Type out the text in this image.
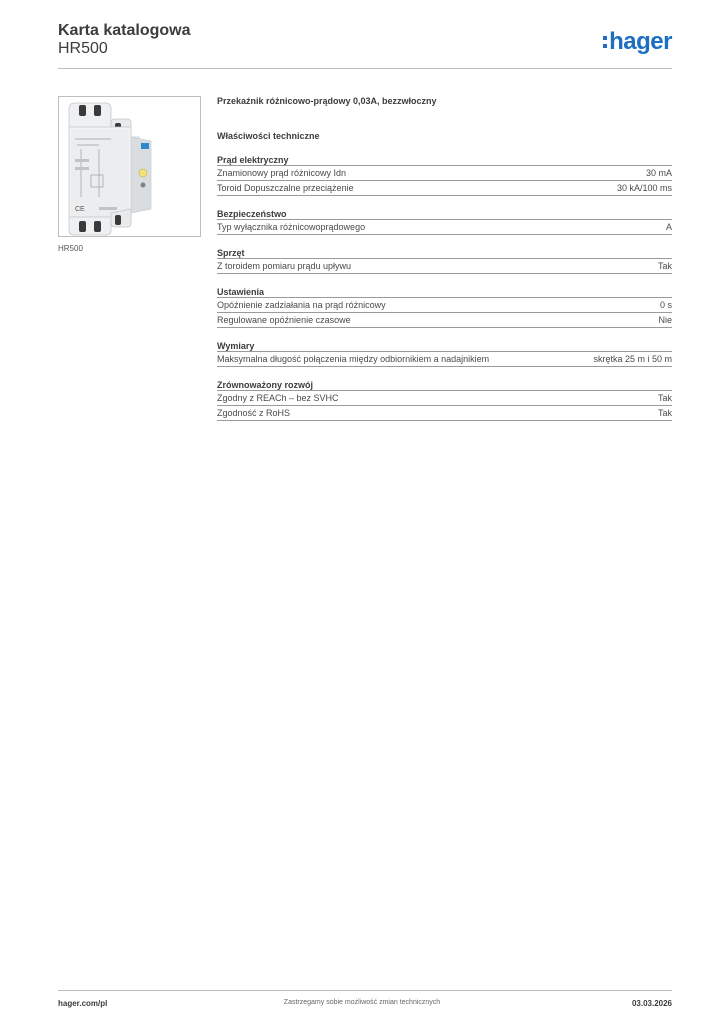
Karta katalogowa
HR500	hager
CE
HR500
Przekaźnik różnicowo-prądowy 0,03A, bezzwłoczny
Właściwości techniczne
Prąd elektryczny
Znamionowy prąd różnicowy Idn	30 mA
Toroid Dopuszczalne przeciążenie	30 kA/100 ms
Bezpieczeństwo
Typ wyłącznika różnicowoprądowego	A
Sprzęt
Z toroidem pomiaru prądu upływu	Tak
Ustawienia
Opóźnienie zadziałania na prąd różnicowy	0 s
Regulowane opóźnienie czasowe	Nie
Wymiary
Maksymalna długość połączenia między odbiornikiem a nadajnikiem	skrętka 25 m i 50 m
Zrównoważony rozwój
Zgodny z REACh – bez SVHC	Tak
Zgodność z RoHS	Tak
hager.com/pl	Zastrzegamy sobie możliwość zmian technicznych	03.03.2026
